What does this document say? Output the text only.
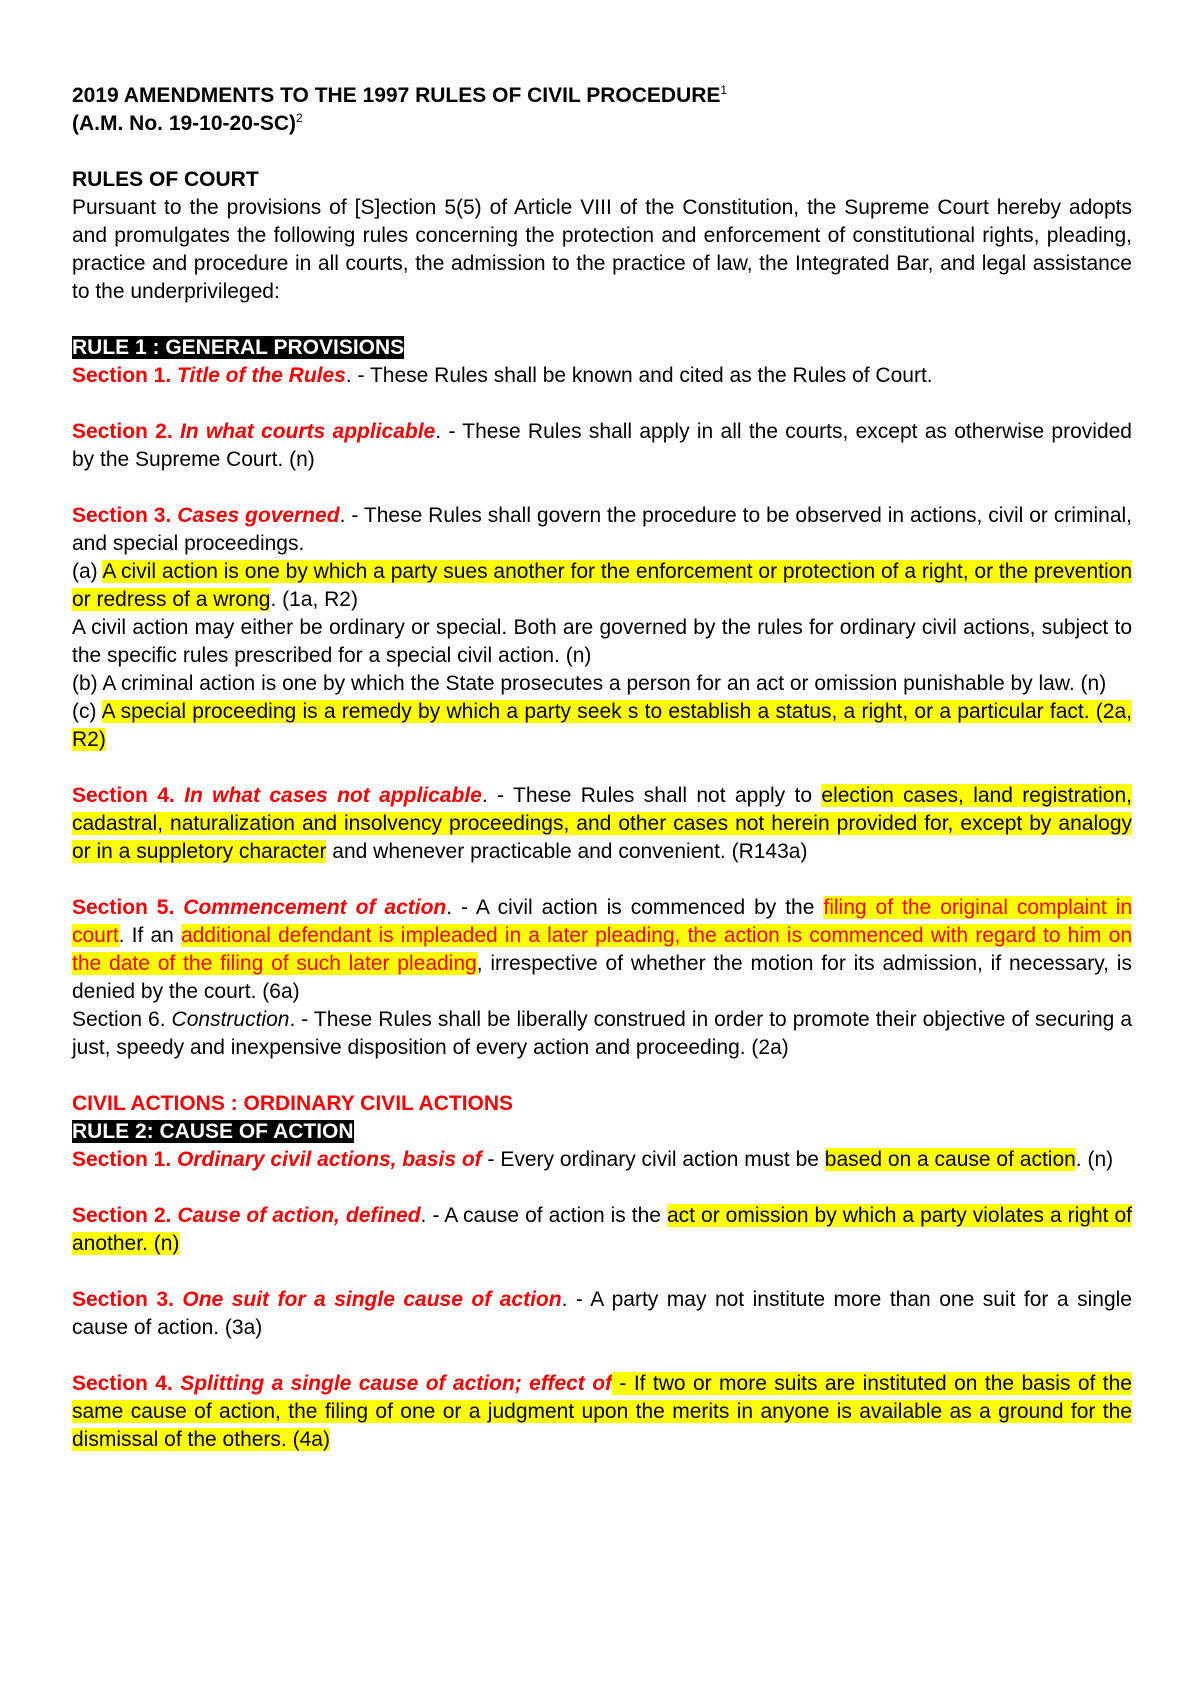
2019 AMENDMENTS TO THE 1997 RULES OF CIVIL PROCEDURE$^1$

(A.M. No. 19-10-20-SC)$^2$

RULES OF COURT

Pursuant to the provisions of [S]ection 5(5) of Article VIII of the Constitution, the Supreme Court hereby adopts and promulgates the following rules concerning the protection and enforcement of constitutional rights, pleading, practice and procedure in all courts, the admission to the practice of law, the Integrated Bar, and legal assistance to the underprivileged:

RULE 1 : GENERAL PROVISIONS

Section 1. Title of the Rules. - These Rules shall be known and cited as the Rules of Court.

Section 2. In what courts applicable. - These Rules shall apply in all the courts, except as otherwise provided by the Supreme Court. (n)

Section 3. Cases governed. - These Rules shall govern the procedure to be observed in actions, civil or criminal, and special proceedings.

(a) A civil action is one by which a party sues another for the enforcement or protection of a right, or the prevention or redress of a wrong. (1a, R2)

A civil action may either be ordinary or special. Both are governed by the rules for ordinary civil actions, subject to the specific rules prescribed for a special civil action. (n)

(b) A criminal action is one by which the State prosecutes a person for an act or omission punishable by law. (n)

(c) A special proceeding is a remedy by which a party seek s to establish a status, a right, or a particular fact. (2a, R2)

Section 4. In what cases not applicable. - These Rules shall not apply to election cases, land registration, cadastral, naturalization and insolvency proceedings, and other cases not herein provided for, except by analogy or in a suppletory character and whenever practicable and convenient. (R143a)

Section 5. Commencement of action. - A civil action is commenced by the filing of the original complaint in court. If an additional defendant is impleaded in a later pleading, the action is commenced with regard to him on the date of the filing of such later pleading, irrespective of whether the motion for its admission, if necessary, is denied by the court. (6a)

Section 6. Construction. - These Rules shall be liberally construed in order to promote their objective of securing a just, speedy and inexpensive disposition of every action and proceeding. (2a)

CIVIL ACTIONS : ORDINARY CIVIL ACTIONS

RULE 2: CAUSE OF ACTION

Section 1. Ordinary civil actions, basis of - Every ordinary civil action must be based on a cause of action. (n)

Section 2. Cause of action, defined. - A cause of action is the act or omission by which a party violates a right of another. (n)

Section 3. One suit for a single cause of action. - A party may not institute more than one suit for a single cause of action. (3a)

Section 4. Splitting a single cause of action; effect of - If two or more suits are instituted on the basis of the same cause of action, the filing of one or a judgment upon the merits in anyone is available as a ground for the dismissal of the others. (4a)
